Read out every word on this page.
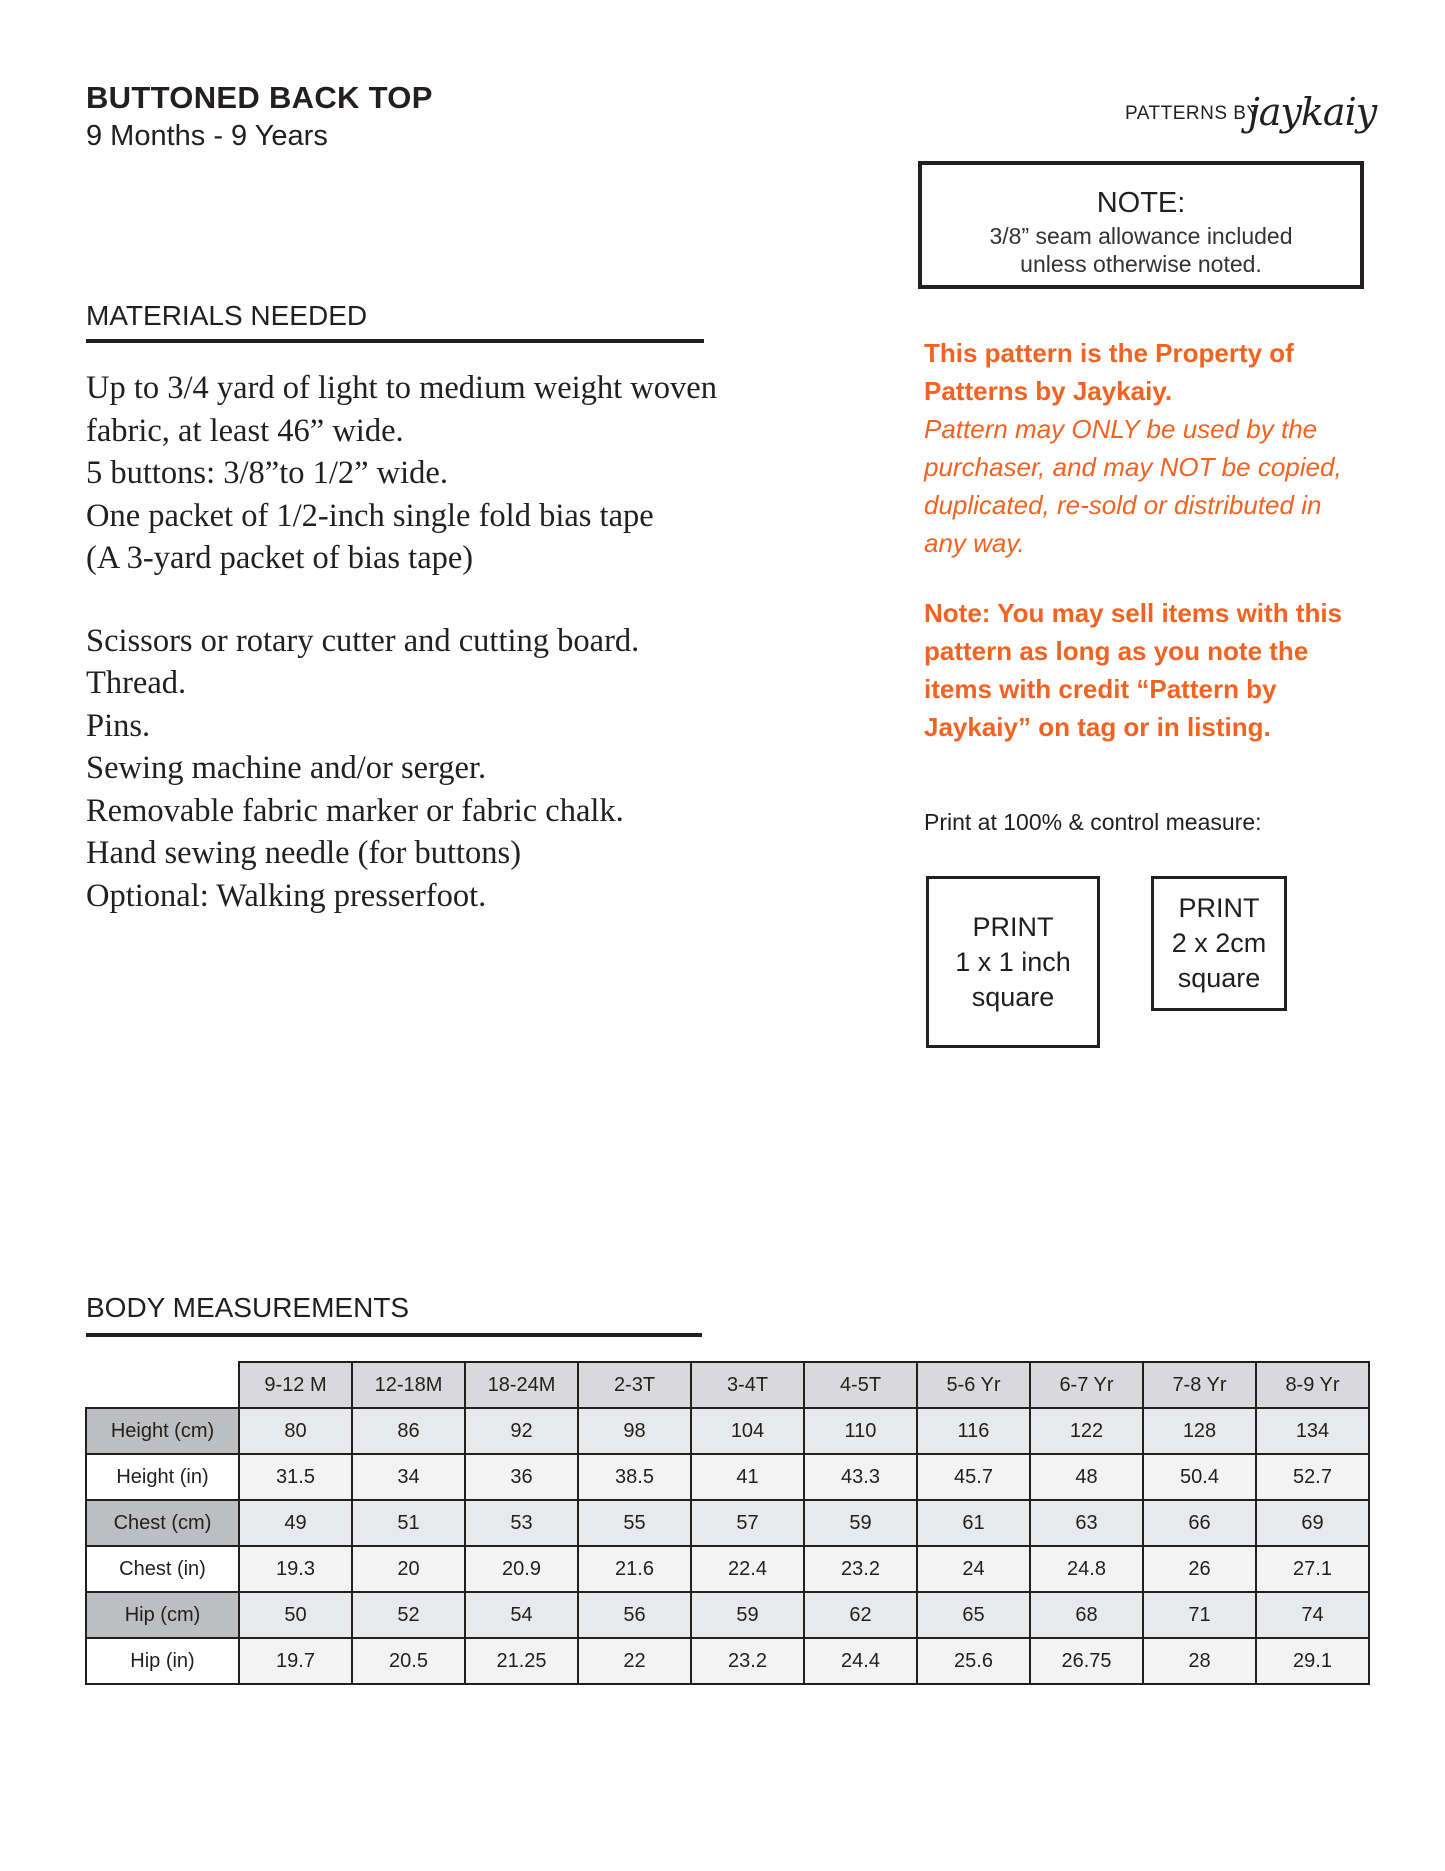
BUTTONED BACK TOP
9 Months - 9 Years
PATTERNS BY
jaykaiy
NOTE:
3/8” seam allowance included
unless otherwise noted.
MATERIALS NEEDED
Up to 3/4 yard of light to medium weight woven
fabric, at least 46” wide.
5 buttons: 3/8”to 1/2” wide.
One packet of 1/2-inch single fold bias tape
(A 3-yard packet of bias tape)
Scissors or rotary cutter and cutting board.
Thread.
Pins.
Sewing machine and/or serger.
Removable fabric marker or fabric chalk.
Hand sewing needle (for buttons)
Optional: Walking presserfoot.
This pattern is the Property of Patterns by Jaykaiy.
Pattern may ONLY be used by the purchaser, and may NOT be copied, duplicated, re-sold or distributed in any way.
Note: You may sell items with this pattern as long as you note the items with credit “Pattern by Jaykaiy” on tag or in listing.
Print at 100% & control measure:
PRINT
1 x 1 inch
square
PRINT
2 x 2cm
square
BODY MEASUREMENTS
	9-12 M	12-18M	18-24M	2-3T	3-4T	4-5T	5-6 Yr	6-7 Yr	7-8 Yr	8-9 Yr
Height (cm)	80	86	92	98	104	110	116	122	128	134
Height (in)	31.5	34	36	38.5	41	43.3	45.7	48	50.4	52.7
Chest (cm)	49	51	53	55	57	59	61	63	66	69
Chest (in)	19.3	20	20.9	21.6	22.4	23.2	24	24.8	26	27.1
Hip (cm)	50	52	54	56	59	62	65	68	71	74
Hip (in)	19.7	20.5	21.25	22	23.2	24.4	25.6	26.75	28	29.1
